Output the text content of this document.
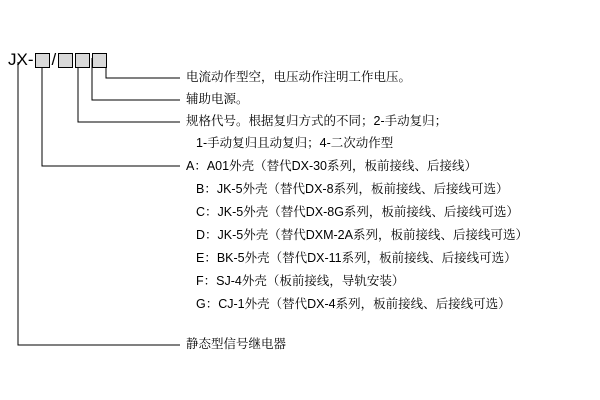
JX- /
电流动作型空，电压动作注明工作电压。
辅助电源。
规格代号。根据复归方式的不同；2-手动复归；
1-手动复归且动复归；4-二次动作型
A：A01外壳（替代DX-30系列，板前接线、后接线）
B：JK-5外壳（替代DX-8系列，板前接线、后接线可选）
C：JK-5外壳（替代DX-8G系列，板前接线、后接线可选）
D：JK-5外壳（替代DXM-2A系列，板前接线、后接线可选）
E：BK-5外壳（替代DX-11系列，板前接线、后接线可选）
F：SJ-4外壳（板前接线，导轨安装）
G：CJ-1外壳（替代DX-4系列，板前接线、后接线可选）
静态型信号继电器
